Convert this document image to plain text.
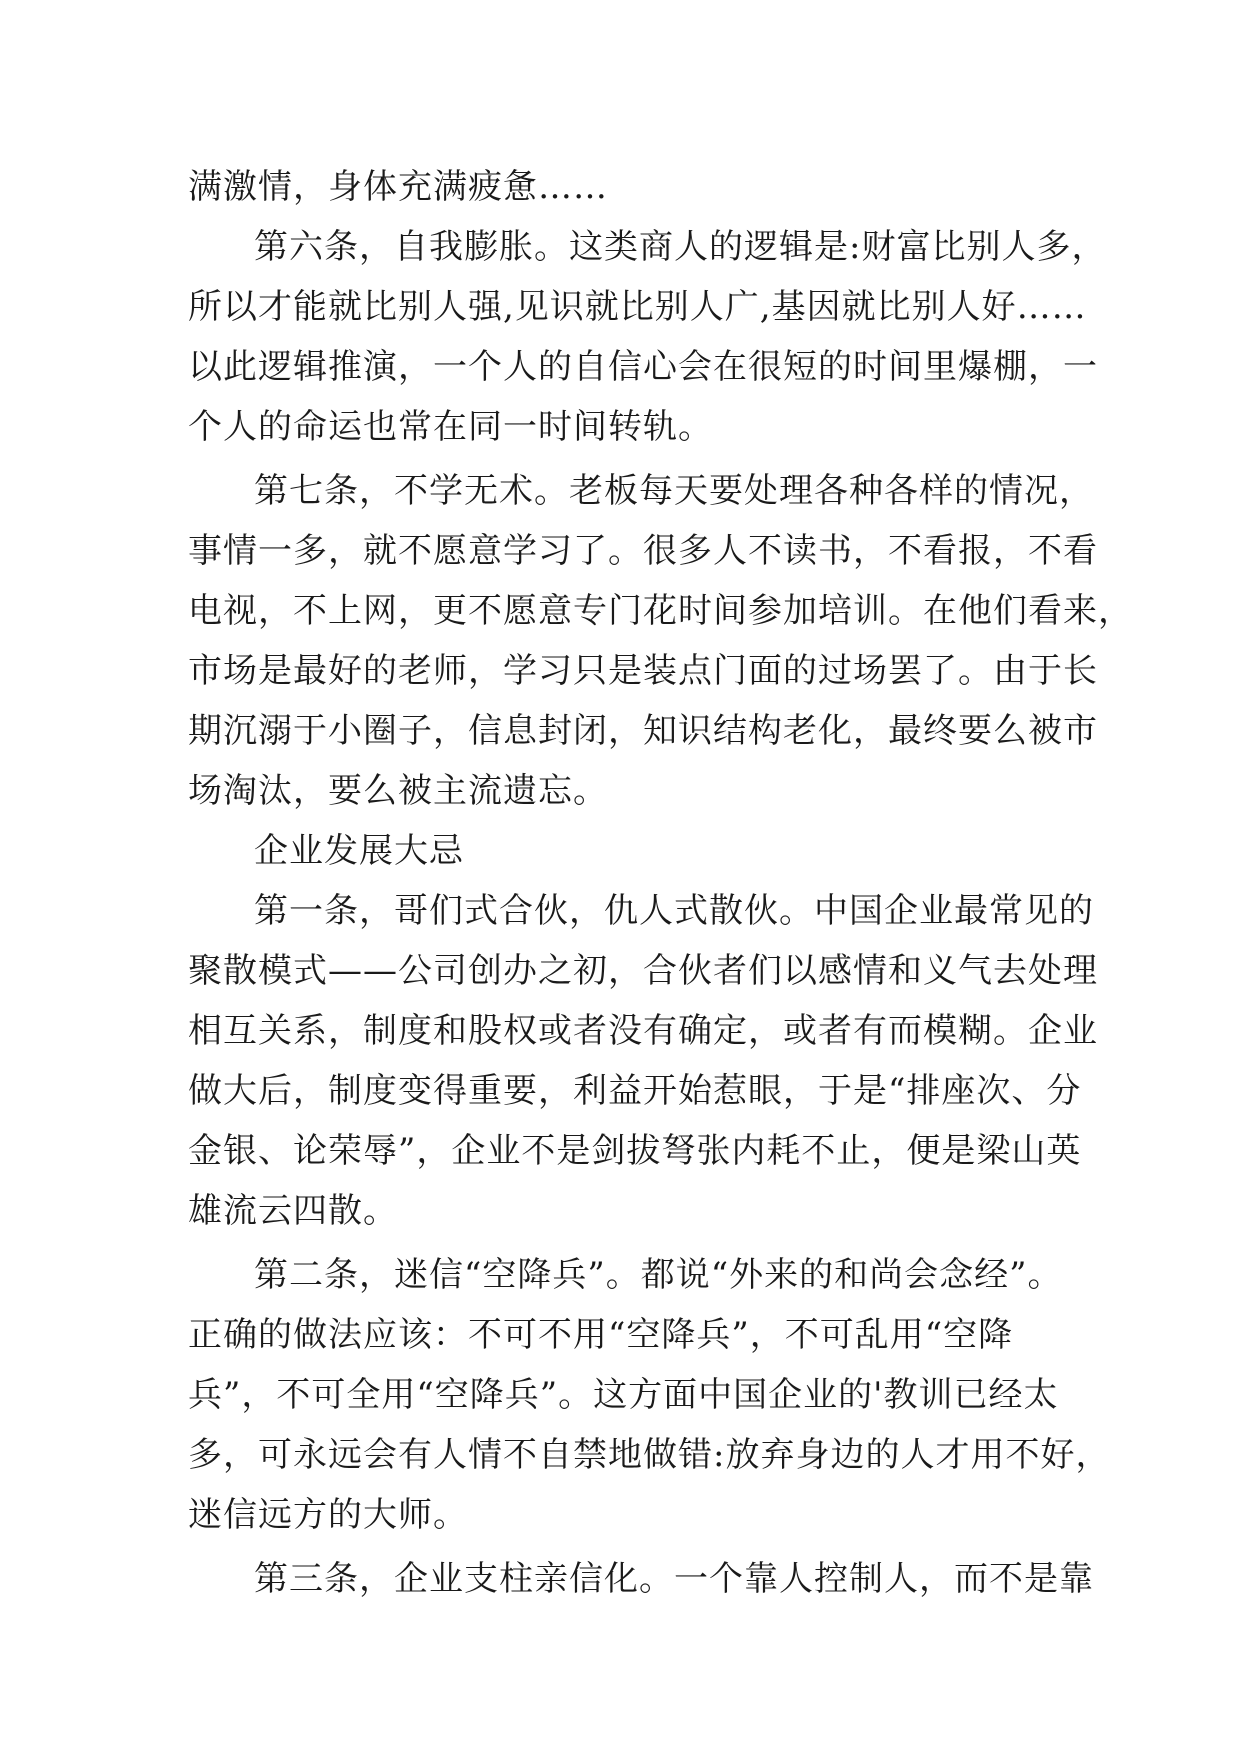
满激情，身体充满疲惫……
第六条，自我膨胀。这类商人的逻辑是:财富比别人多，
所以才能就比别人强,见识就比别人广,基因就比别人好……
以此逻辑推演，一个人的自信心会在很短的时间里爆棚，一
个人的命运也常在同一时间转轨。
第七条，不学无术。老板每天要处理各种各样的情况，
事情一多，就不愿意学习了。很多人不读书，不看报，不看
电视，不上网，更不愿意专门花时间参加培训。在他们看来，
市场是最好的老师，学习只是装点门面的过场罢了。由于长
期沉溺于小圈子，信息封闭，知识结构老化，最终要么被市
场淘汰，要么被主流遗忘。
企业发展大忌
第一条，哥们式合伙，仇人式散伙。中国企业最常见的
聚散模式——公司创办之初，合伙者们以感情和义气去处理
相互关系，制度和股权或者没有确定，或者有而模糊。企业
做大后，制度变得重要，利益开始惹眼，于是“排座次、分
金银、论荣辱”，企业不是剑拔弩张内耗不止，便是梁山英
雄流云四散。
第二条，迷信“空降兵”。都说“外来的和尚会念经”。
正确的做法应该：不可不用“空降兵”，不可乱用“空降
兵”，不可全用“空降兵”。这方面中国企业的'教训已经太
多，可永远会有人情不自禁地做错:放弃身边的人才用不好，
迷信远方的大师。
第三条，企业支柱亲信化。一个靠人控制人，而不是靠
